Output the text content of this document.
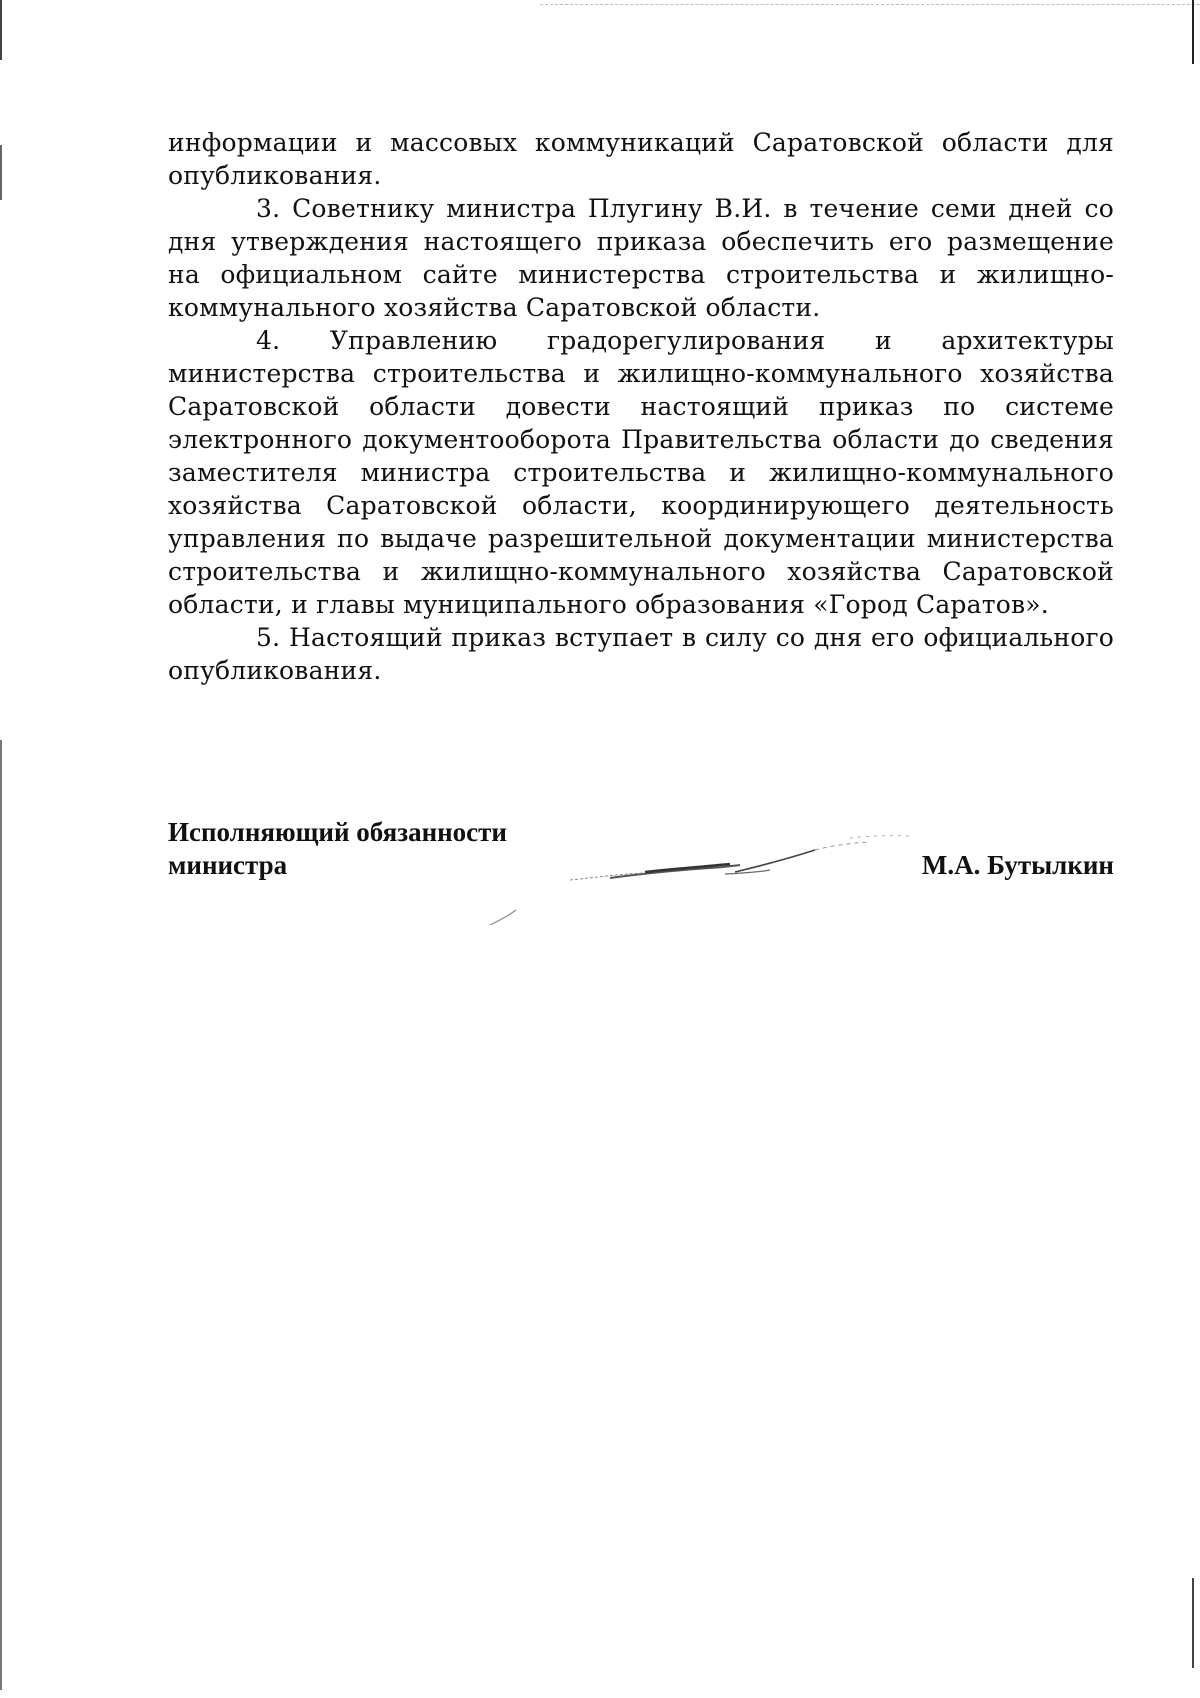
информации и массовых коммуникаций Саратовской области для опубликования.

3. Советнику министра Плугину В.И. в течение семи дней со дня утверждения настоящего приказа обеспечить его размещение на официальном сайте министерства строительства и жилищно-коммунального хозяйства Саратовской области.

4. Управлению градорегулирования и архитектуры министерства строительства и жилищно-коммунального хозяйства Саратовской области довести настоящий приказ по системе электронного документооборота Правительства области до сведения заместителя министра строительства и жилищно-коммунального хозяйства Саратовской области, координирующего деятельность управления по выдаче разрешительной документации министерства строительства и жилищно-коммунального хозяйства Саратовской области, и главы муниципального образования «Город Саратов».

5. Настоящий приказ вступает в силу со дня его официального опубликования.

Исполняющий обязанности
министра	М.А. Бутылкин
